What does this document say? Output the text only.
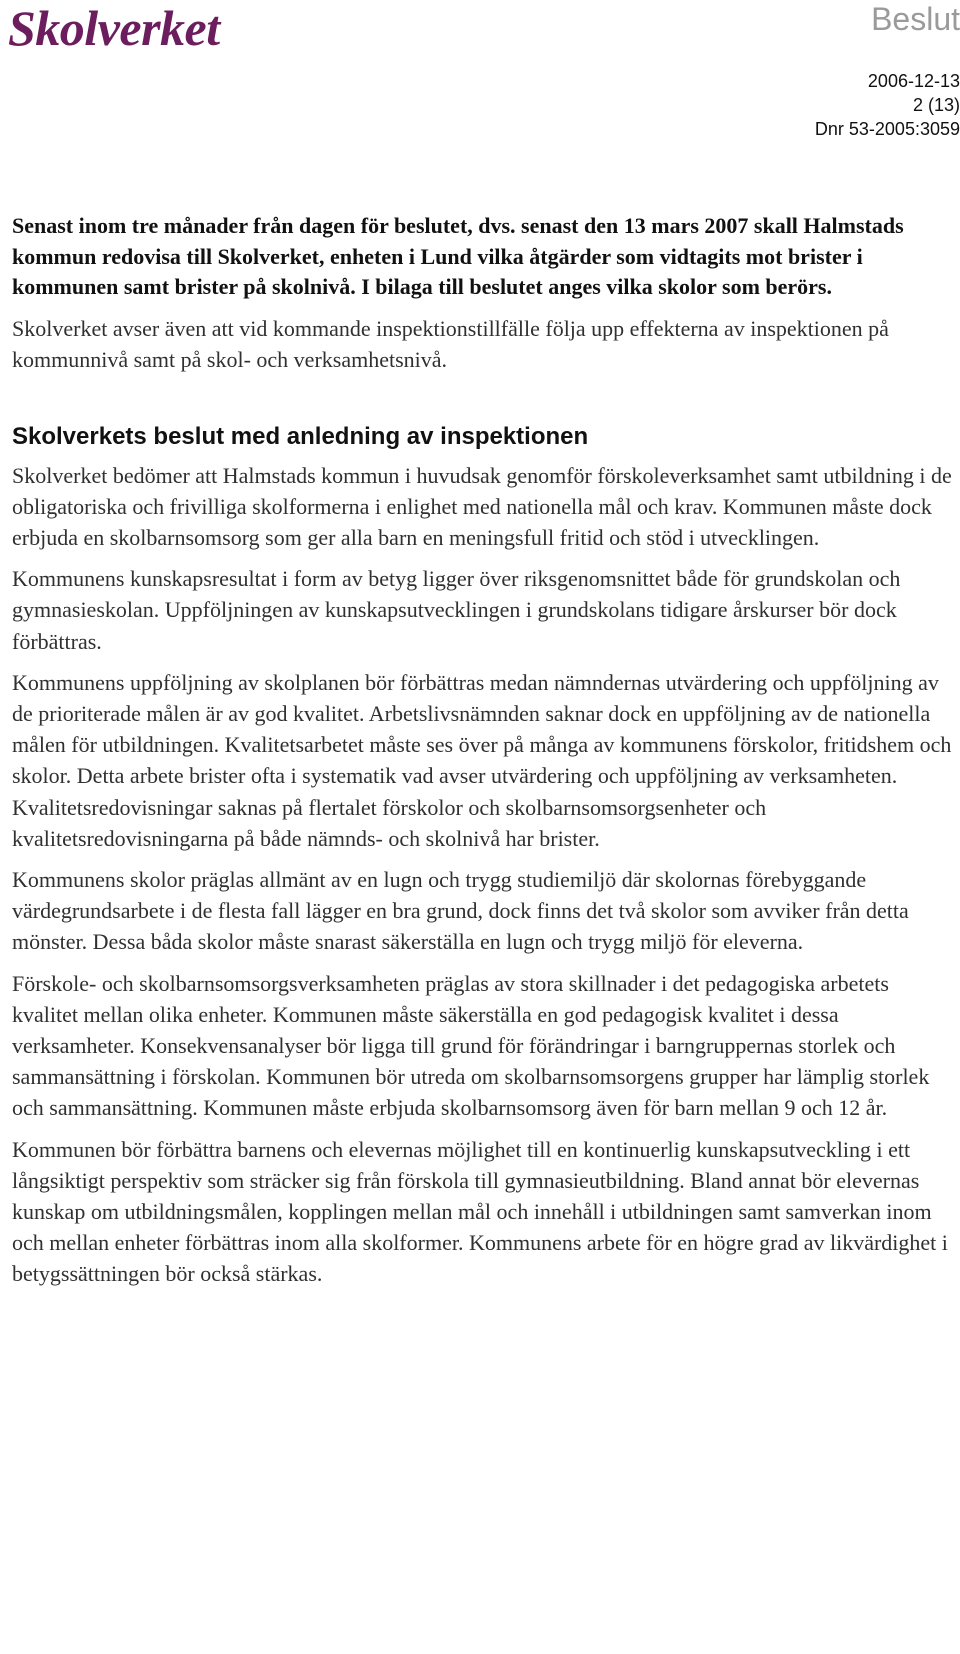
Skolverket	Beslut
2006-12-13
2 (13)
Dnr 53-2005:3059

Senast inom tre månader från dagen för beslutet, dvs. senast den 13 mars 2007 skall Halmstads kommun redovisa till Skolverket, enheten i Lund vilka åtgärder som vidtagits mot brister i kommunen samt brister på skolnivå. I bilaga till beslutet anges vilka skolor som berörs.

Skolverket avser även att vid kommande inspektionstillfälle följa upp effekterna av inspektionen på kommunnivå samt på skol- och verksamhetsnivå.

Skolverkets beslut med anledning av inspektionen

Skolverket bedömer att Halmstads kommun i huvudsak genomför förskoleverksamhet samt utbildning i de obligatoriska och frivilliga skolformerna i enlighet med nationella mål och krav. Kommunen måste dock erbjuda en skolbarnsomsorg som ger alla barn en meningsfull fritid och stöd i utvecklingen.

Kommunens kunskapsresultat i form av betyg ligger över riksgenomsnittet både för grundskolan och gymnasieskolan. Uppföljningen av kunskapsutvecklingen i grundskolans tidigare årskurser bör dock förbättras.

Kommunens uppföljning av skolplanen bör förbättras medan nämndernas utvärdering och uppföljning av de prioriterade målen är av god kvalitet. Arbetslivsnämnden saknar dock en uppföljning av de nationella målen för utbildningen. Kvalitetsarbetet måste ses över på många av kommunens förskolor, fritidshem och skolor. Detta arbete brister ofta i systematik vad avser utvärdering och uppföljning av verksamheten. Kvalitetsredovisningar saknas på flertalet förskolor och skolbarnsomsorgsenheter och kvalitetsredovisningarna på både nämnds- och skolnivå har brister.

Kommunens skolor präglas allmänt av en lugn och trygg studiemiljö där skolornas förebyggande värdegrundsarbete i de flesta fall lägger en bra grund, dock finns det två skolor som avviker från detta mönster. Dessa båda skolor måste snarast säkerställa en lugn och trygg miljö för eleverna.

Förskole- och skolbarnsomsorgsverksamheten präglas av stora skillnader i det pedagogiska arbetets kvalitet mellan olika enheter. Kommunen måste säkerställa en god pedagogisk kvalitet i dessa verksamheter. Konsekvensanalyser bör ligga till grund för förändringar i barngruppernas storlek och sammansättning i förskolan. Kommunen bör utreda om skolbarnsomsorgens grupper har lämplig storlek och sammansättning. Kommunen måste erbjuda skolbarnsomsorg även för barn mellan 9 och 12 år.

Kommunen bör förbättra barnens och elevernas möjlighet till en kontinuerlig kunskapsutveckling i ett långsiktigt perspektiv som sträcker sig från förskola till gymnasieutbildning. Bland annat bör elevernas kunskap om utbildningsmålen, kopplingen mellan mål och innehåll i utbildningen samt samverkan inom och mellan enheter förbättras inom alla skolformer. Kommunens arbete för en högre grad av likvärdighet i betygssättningen bör också stärkas.
